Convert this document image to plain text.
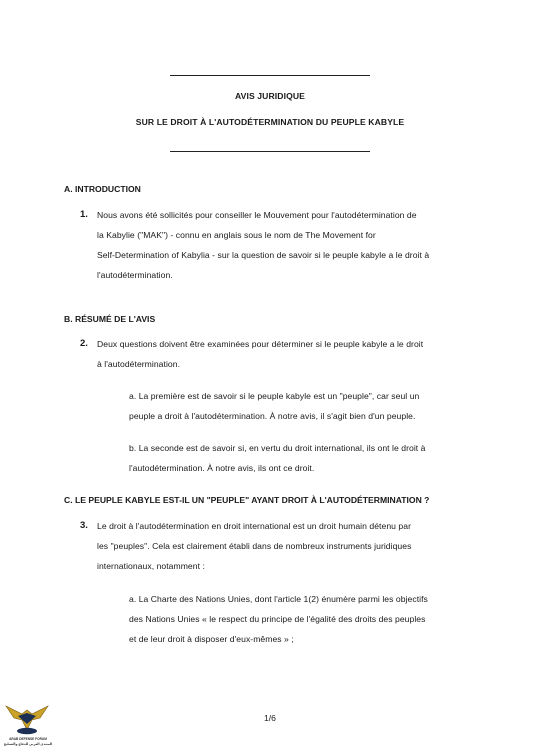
AVIS JURIDIQUE
SUR LE DROIT À L'AUTODÉTERMINATION DU PEUPLE KABYLE
A. INTRODUCTION
1. Nous avons été sollicités pour conseiller le Mouvement pour l'autodétermination de
la Kabylie ("MAK") - connu en anglais sous le nom de The Movement for
Self-Determination of Kabylia - sur la question de savoir si le peuple kabyle a le droit à
l'autodétermination.
B. RÉSUMÉ DE L'AVIS
2. Deux questions doivent être examinées pour déterminer si le peuple kabyle a le droit
à l'autodétermination.
a. La première est de savoir si le peuple kabyle est un "peuple", car seul un
peuple a droit à l'autodétermination. À notre avis, il s'agit bien d'un peuple.
b. La seconde est de savoir si, en vertu du droit international, ils ont le droit à
l'autodétermination. À notre avis, ils ont ce droit.
C. LE PEUPLE KABYLE EST-IL UN "PEUPLE" AYANT DROIT À L'AUTODÉTERMINATION ?
3. Le droit à l'autodétermination en droit international est un droit humain détenu par
les "peuples". Cela est clairement établi dans de nombreux instruments juridiques
internationaux, notamment :
a. La Charte des Nations Unies, dont l'article 1(2) énumère parmi les objectifs
des Nations Unies « le respect du principe de l'égalité des droits des peuples
et de leur droit à disposer d'eux-mêmes » ;
1/6
ARAB DEFENSE FORUM
المنتدى العربي للدفاع والتسليح
